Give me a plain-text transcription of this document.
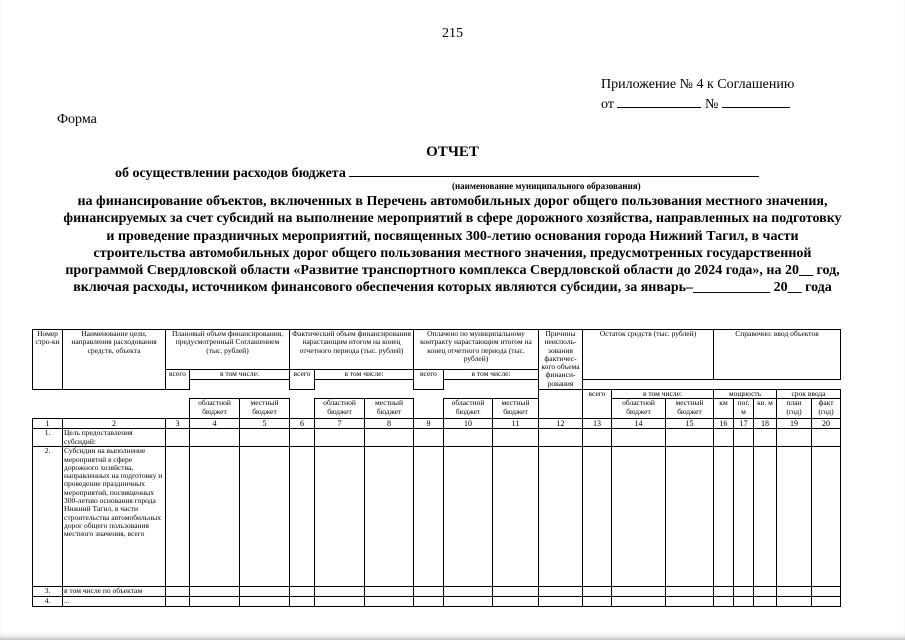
215
Приложение № 4 к Соглашению
от	№
Форма
ОТЧЕТ
об осуществлении расходов бюджета
(наименование муниципального образования)
на финансирование объектов, включенных в Перечень автомобильных дорог общего пользования местного значения, финансируемых за счет субсидий на выполнение мероприятий в сфере дорожного хозяйства, направленных на подготовку и проведение праздничных мероприятий, посвященных 300-летию основания города Нижний Тагил, в части строительства автомобильных дорог общего пользования местного значения, предусмотренных государственной программой Свердловской области «Развитие транспортного комплекса Свердловской области до 2024 года», на 20__ год, включая расходы, источником финансового обеспечения которых являются субсидии, за январь–___________ 20__ года
Номер стро-ки	Наименование цели, направления расходования средств, объекта	Плановый объем финансирования, предусмотренный Соглашением (тыс. рублей)			Фактический объем финансирования нарастающим итогом на конец отчетного периода (тыс. рублей)			Оплачено по муниципальному контракту нарастающим итогом на конец отчетного периода (тыс. рублей)			Причины неисполь-зования фактичес-кого объема финанси-рования	Остаток средств (тыс. рублей)			Справочно: ввод объектов				
		всего	в том числе:		всего	в том числе:		всего	в том числе:										

												всего	в том числе:		мощность			срок ввода	
			областной бюджет	местный бюджет		областной бюджет	местный бюджет		областной бюджет	местный бюджет			областной бюджет	местный бюджет	км	пог. м	кв. м	план (год)	факт (год)
1	2	3	4	5	6	7	8	9	10	11	12	13	14	15	16	17	18	19	20
1.	Цель предоставления субсидий:																		
2.	Субсидии на выполнение мероприятий в сфере дорожного хозяйства, направленных на подготовку и проведение праздничных мероприятий, посвященных 300-летию основания города Нижний Тагил, в части строительства автомобильных дорог общего пользования местного значения, всего																		
3.	в том числе по объектам																		
4.	...																		
